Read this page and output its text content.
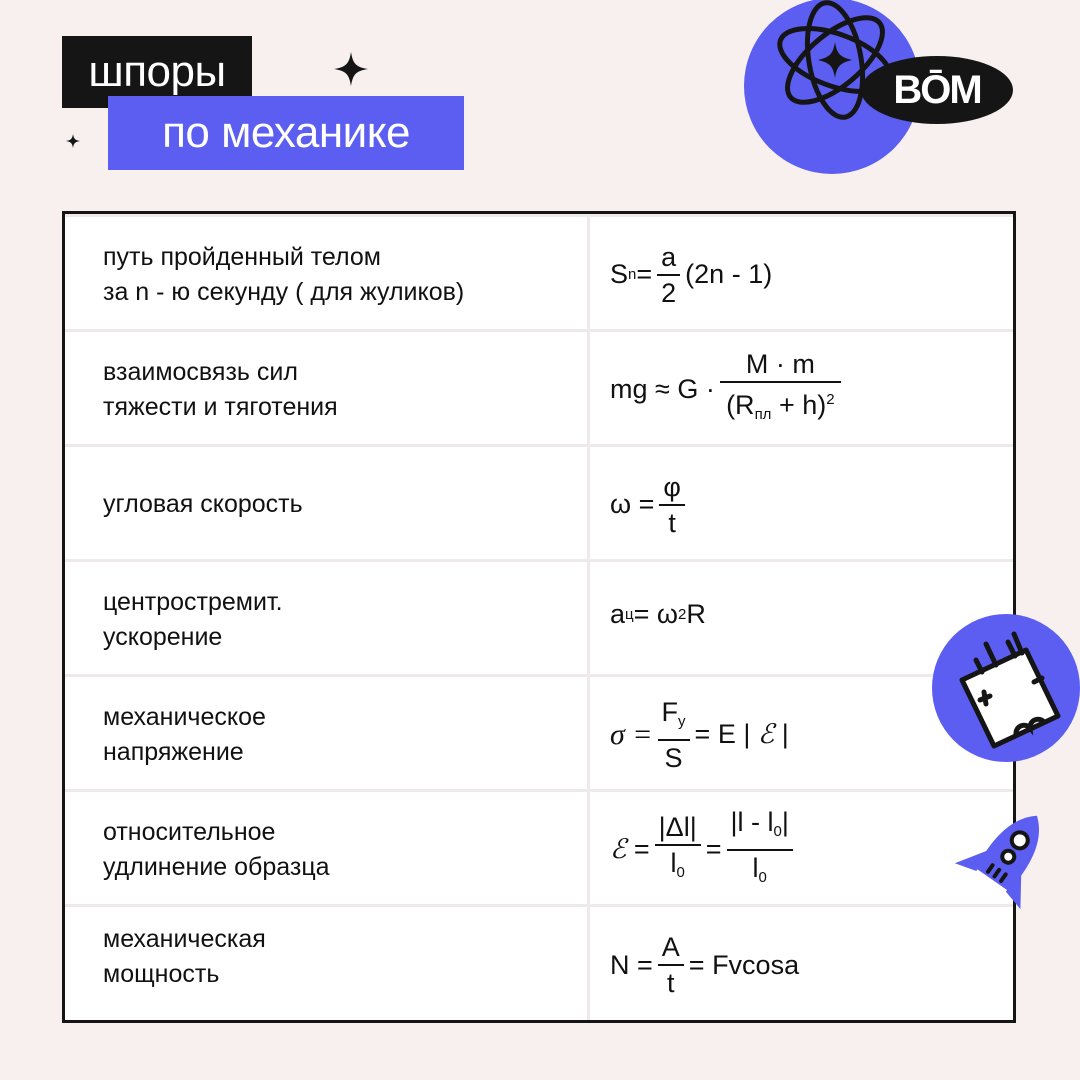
шпоры
по механике
ВŌМ
путь пройденный телом
за n - ю секунду ( для жуликов)
S $n = \frac{a}{2} (2n - 1)$
взаимосвязь сил
тяжести и тяготения
mg ≈ $G \cdot \frac{M \cdot m}{(R_{пл} + h)^2}$
угловая скорость	$\omega = \frac{\varphi}{t}$
центростремит.
ускорение
a ц = ω 2 R
механическое
напряжение
$\sigma = \frac{F_у}{S} = E$ |
ℰ
|
относительное
удлинение образца
ℰ
= $\frac{|\Delta l|}{l_0} = \frac{|l - l_0|}{l_0}$
механическая
мощность	$N = \frac{A}{t} = Fvcosa$
